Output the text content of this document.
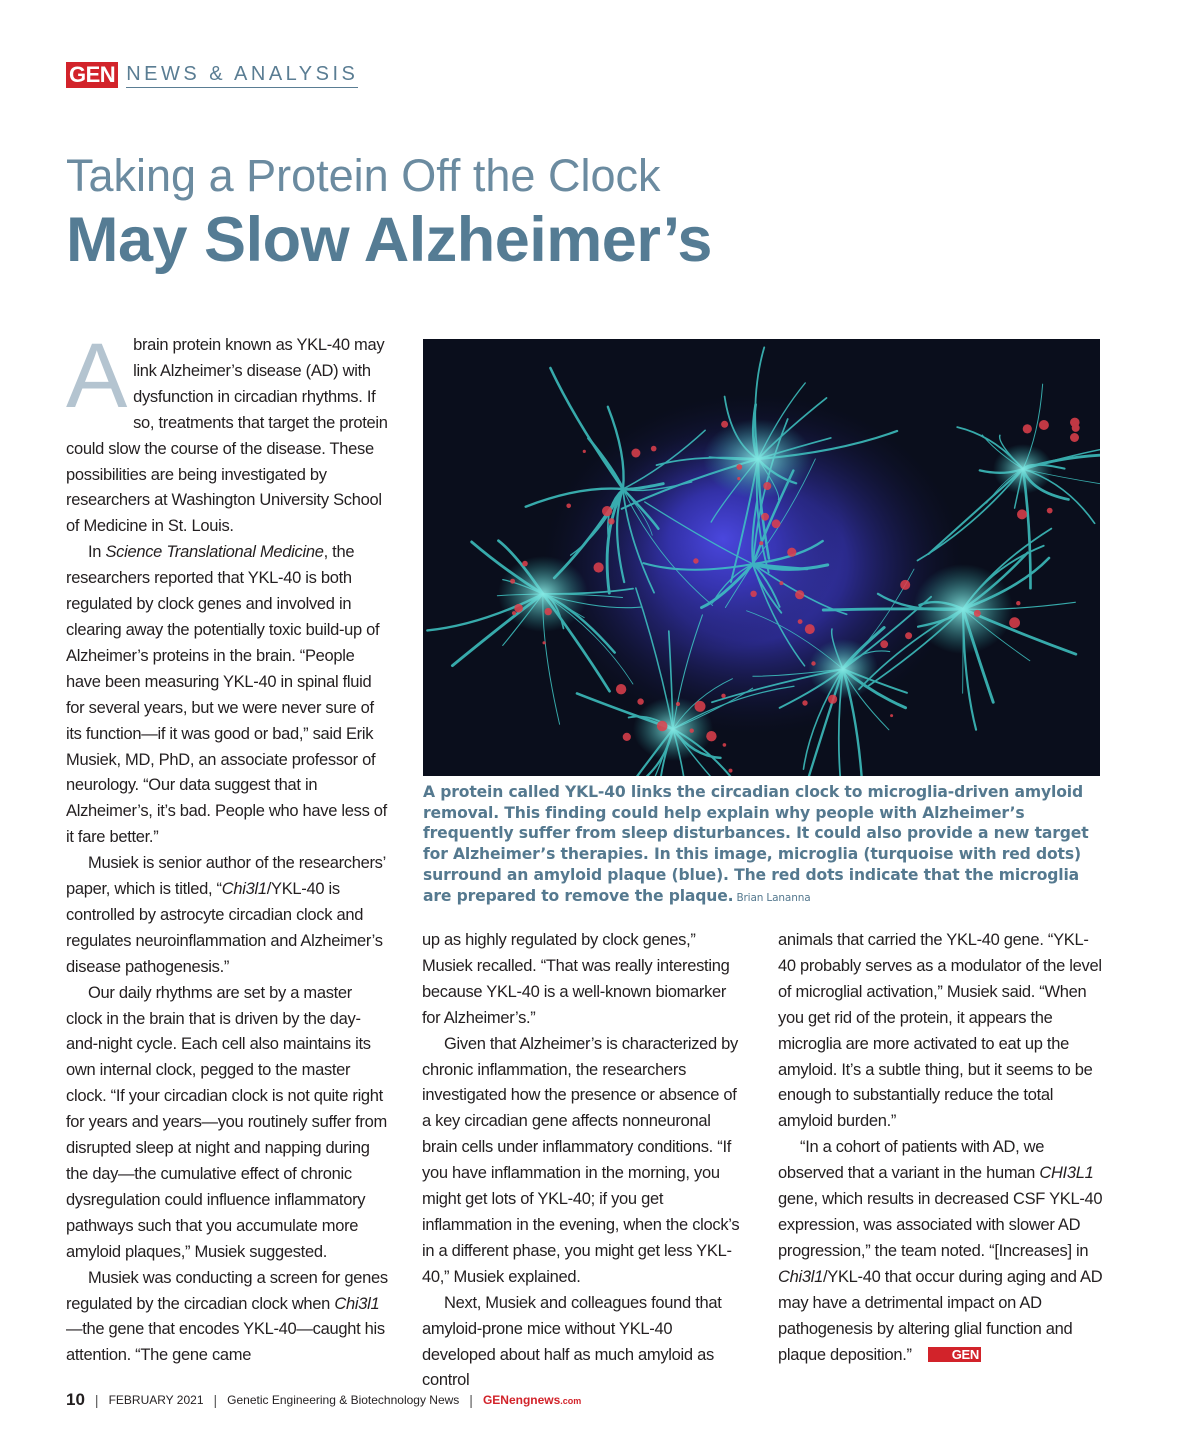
GEN NEWS & ANALYSIS
Taking a Protein Off the Clock
May Slow Alzheimer’s

Abrain protein known as YKL-40 may link Alzheimer’s disease (AD) with dysfunction in circadian rhythms. If so, treatments that target the protein could slow the course of the disease. These possibilities are being investigated by researchers at Washington University School of Medicine in St. Louis.

In Science Translational Medicine, the researchers reported that YKL-40 is both regulated by clock genes and involved in clearing away the potentially toxic build-up of Alzheimer’s proteins in the brain. “People have been measuring YKL-40 in spinal fluid for several years, but we were never sure of its function—if it was good or bad,” said Erik Musiek, MD, PhD, an associate professor of neurology. “Our data suggest that in Alzheimer’s, it’s bad. People who have less of it fare better.”

Musiek is senior author of the researchers’ paper, which is titled, “Chi3l1/YKL-40 is controlled by astrocyte circadian clock and regulates neuroinflammation and Alzheimer’s disease pathogenesis.”

Our daily rhythms are set by a master clock in the brain that is driven by the day-and-night cycle. Each cell also maintains its own internal clock, pegged to the master clock. “If your circadian clock is not quite right for years and years—you routinely suffer from disrupted sleep at night and napping during the day—the cumulative effect of chronic dysregulation could influence inflammatory pathways such that you accumulate more amyloid plaques,” Musiek suggested.

Musiek was conducting a screen for genes regulated by the circadian clock when Chi3l1—the gene that encodes YKL-40—caught his attention. “The gene came

A protein called YKL-40 links the circadian clock to microglia-driven amyloid removal. This finding could help explain why people with Alzheimer’s frequently suffer from sleep disturbances. It could also provide a new target for Alzheimer’s therapies. In this image, microglia (turquoise with red dots) surround an amyloid plaque (blue). The red dots indicate that the microglia are prepared to remove the plaque. Brian Lananna

up as highly regulated by clock genes,” Musiek recalled. “That was really interesting because YKL-40 is a well-known biomarker for Alzheimer’s.”

Given that Alzheimer’s is characterized by chronic inflammation, the researchers investigated how the presence or absence of a key circadian gene affects nonneuronal brain cells under inflammatory conditions. “If you have inflammation in the morning, you might get lots of YKL-40; if you get inflammation in the evening, when the clock’s in a different phase, you might get less YKL-40,” Musiek explained.

Next, Musiek and colleagues found that amyloid-prone mice without YKL-40 developed about half as much amyloid as control

animals that carried the YKL-40 gene. “YKL-40 probably serves as a modulator of the level of microglial activation,” Musiek said. “When you get rid of the protein, it appears the microglia are more activated to eat up the amyloid. It’s a subtle thing, but it seems to be enough to substantially reduce the total amyloid burden.”

“In a cohort of patients with AD, we observed that a variant in the human CHI3L1 gene, which results in decreased CSF YKL-40 expression, was associated with slower AD progression,” the team noted. “[Increases] in Chi3l1/YKL-40 that occur during aging and AD may have a detrimental impact on AD pathogenesis by altering glial function and plaque deposition.”	GEN

10 | FEBRUARY 2021 | Genetic Engineering & Biotechnology News | GENengnews.com
